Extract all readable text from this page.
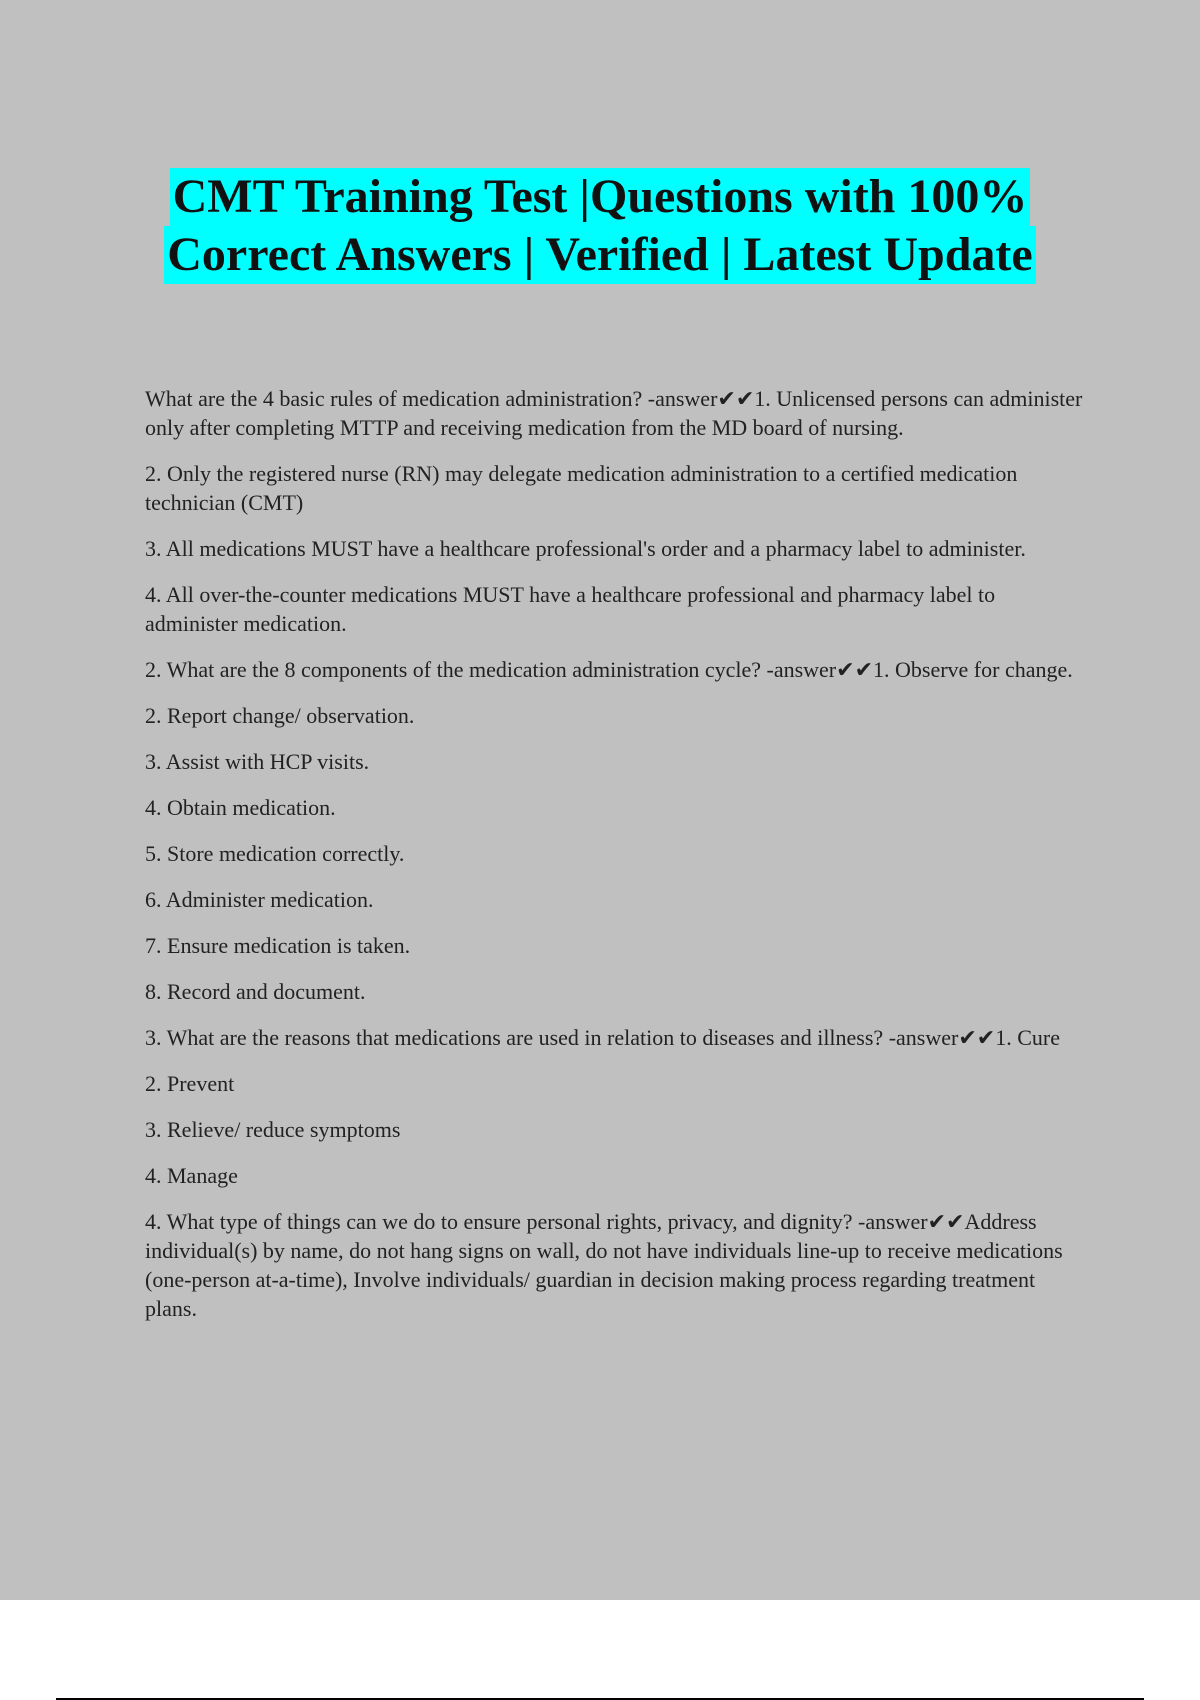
CMT Training Test |Questions with 100%
Correct Answers | Verified | Latest Update

What are the 4 basic rules of medication administration? -answer✔✔1. Unlicensed persons can administer only after completing MTTP and receiving medication from the MD board of nursing.

2. Only the registered nurse (RN) may delegate medication administration to a certified medication technician (CMT)

3. All medications MUST have a healthcare professional's order and a pharmacy label to administer.

4. All over-the-counter medications MUST have a healthcare professional and pharmacy label to administer medication.

2. What are the 8 components of the medication administration cycle? -answer✔✔1. Observe for change.

2. Report change/ observation.

3. Assist with HCP visits.

4. Obtain medication.

5. Store medication correctly.

6. Administer medication.

7. Ensure medication is taken.

8. Record and document.

3. What are the reasons that medications are used in relation to diseases and illness? -answer✔✔1. Cure

2. Prevent

3. Relieve/ reduce symptoms

4. Manage

4. What type of things can we do to ensure personal rights, privacy, and dignity? -answer✔✔Address individual(s) by name, do not hang signs on wall, do not have individuals line-up to receive medications (one-person at-a-time), Involve individuals/ guardian in decision making process regarding treatment plans.
